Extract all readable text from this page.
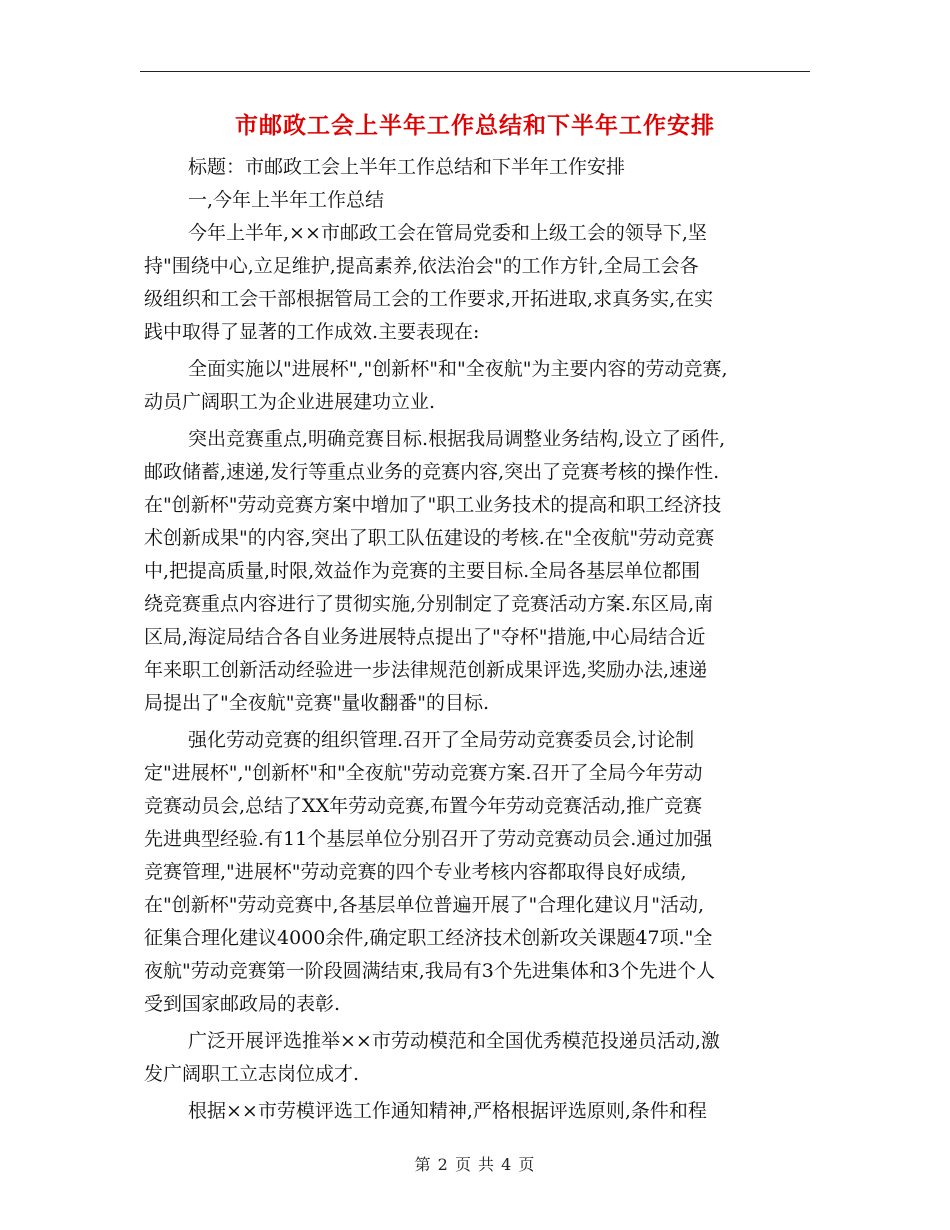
市邮政工会上半年工作总结和下半年工作安排
标题：市邮政工会上半年工作总结和下半年工作安排
一,今年上半年工作总结
今年上半年,××市邮政工会在管局党委和上级工会的领导下,坚
持"围绕中心,立足维护,提高素养,依法治会"的工作方针,全局工会各
级组织和工会干部根据管局工会的工作要求,开拓进取,求真务实,在实
践中取得了显著的工作成效.主要表现在:
全面实施以"进展杯","创新杯"和"全夜航"为主要内容的劳动竞赛,
动员广阔职工为企业进展建功立业.
突出竞赛重点,明确竞赛目标.根据我局调整业务结构,设立了函件,
邮政储蓄,速递,发行等重点业务的竞赛内容,突出了竞赛考核的操作性.
在"创新杯"劳动竞赛方案中增加了"职工业务技术的提高和职工经济技
术创新成果"的内容,突出了职工队伍建设的考核.在"全夜航"劳动竞赛
中,把提高质量,时限,效益作为竞赛的主要目标.全局各基层单位都围
绕竞赛重点内容进行了贯彻实施,分别制定了竞赛活动方案.东区局,南
区局,海淀局结合各自业务进展特点提出了"夺杯"措施,中心局结合近
年来职工创新活动经验进一步法律规范创新成果评选,奖励办法,速递
局提出了"全夜航"竞赛"量收翻番"的目标.
强化劳动竞赛的组织管理.召开了全局劳动竞赛委员会,讨论制
定"进展杯","创新杯"和"全夜航"劳动竞赛方案.召开了全局今年劳动
竞赛动员会,总结了XX年劳动竞赛,布置今年劳动竞赛活动,推广竞赛
先进典型经验.有11个基层单位分别召开了劳动竞赛动员会.通过加强
竞赛管理,"进展杯"劳动竞赛的四个专业考核内容都取得良好成绩,
在"创新杯"劳动竞赛中,各基层单位普遍开展了"合理化建议月"活动,
征集合理化建议4000余件,确定职工经济技术创新攻关课题47项."全
夜航"劳动竞赛第一阶段圆满结束,我局有3个先进集体和3个先进个人
受到国家邮政局的表彰.
广泛开展评选推举××市劳动模范和全国优秀模范投递员活动,激
发广阔职工立志岗位成才.
根据××市劳模评选工作通知精神,严格根据评选原则,条件和程
第 2 页 共 4 页
